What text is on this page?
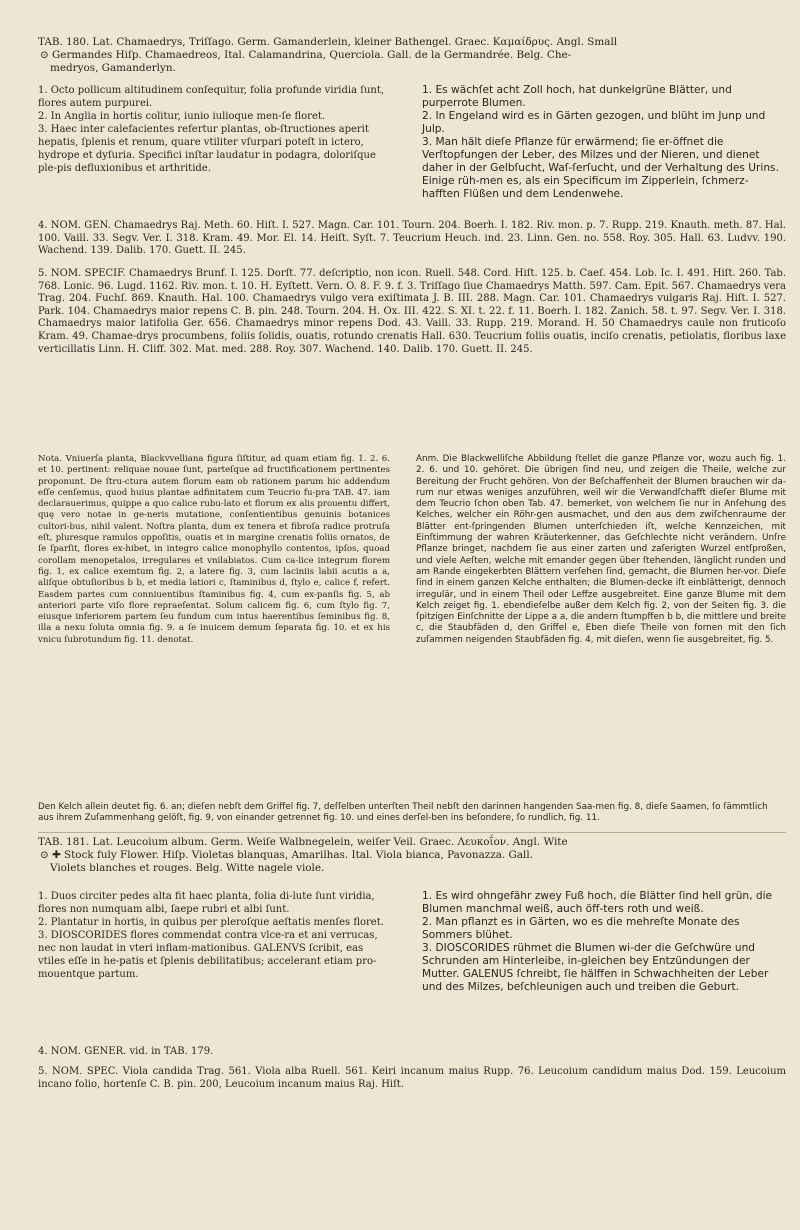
TAB. 180. Lat. Chamaedrys, Triſſago. Germ. Gamanderlein, kleiner Bathengel. Graec. Καμαίδρυς. Angl. Small

⊙ Germandes Hiſp. Chamaedreos, Ital. Calamandrina, Querciola. Gall. de la Germandrée. Belg. Che-

medryos, Gamanderlyn.

1. Octo pollicum altitudinem conſequitur, folia profunde viridia ſunt, flores autem purpurei.

2. In Anglia in hortis colitur, iunio iulioque men-ſe floret.

3. Haec inter calefacientes refertur plantas, ob-ſtructiones aperit hepatis, ſplenis et renum, quare vtiliter vſurpari poteſt in ictero, hydrope et dyſuria. Specifici inſtar laudatur in podagra, doloriſque ple-pis defluxionibus et arthritide.

1. Es wächſet acht Zoll hoch, hat dunkelgrüne Blätter, und purperrote Blumen.

2. In Engeland wird es in Gärten gezogen, und blüht im Junp und Julp.

3. Man hält dieſe Pflanze für erwärmend; ſie er-öffnet die Verſtopfungen der Leber, des Milzes und der Nieren, und dienet daher in der Gelbſucht, Waſ-ſerſucht, und der Verhaltung des Urins. Einige rüh-men es, als ein Specificum im Zipperlein, ſchmerz-hafften Flüßen und dem Lendenwehe.

4. NOM. GEN. Chamaedrys Raj. Meth. 60. Hiſt. I. 527. Magn. Car. 101. Tourn. 204. Boerh. I. 182. Riv. mon. p. 7. Rupp. 219. Knauth. meth. 87. Hal. 100. Vaill. 33. Segv. Ver. I. 318. Kram. 49. Mor. El. 14. Heiſt. Syſt. 7. Teucrium Heuch. ind. 23. Linn. Gen. no. 558. Roy. 305. Hall. 63. Ludvv. 190. Wachend. 139. Dalib. 170. Guett. II. 245.

5. NOM. SPECIF. Chamaedrys Brunf. I. 125. Dorſt. 77. deſcriptio, non icon. Ruell. 548. Cord. Hiſt. 125. b. Caeſ. 454. Lob. Ic. I. 491. Hiſt. 260. Tab. 768. Lonic. 96. Lugd. 1162. Riv. mon. t. 10. H. Eyſtett. Vern. O. 8. F. 9. f. 3. Triſſago ſiue Chamaedrys Matth. 597. Cam. Epit. 567. Chamaedrys vera Trag. 204. Fuchſ. 869. Knauth. Hal. 100. Chamaedrys vulgo vera exiſtimata J. B. III. 288. Magn. Car. 101. Chamaedrys vulgaris Raj. Hiſt. I. 527. Park. 104. Chamaedrys maior repens C. B. pin. 248. Tourn. 204. H. Ox. III. 422. S. XI. t. 22. f. 11. Boerh. I. 182. Zanich. 58. t. 97. Segv. Ver. I. 318. Chamaedrys maior latifolia Ger. 656. Chamaedrys minor repens Dod. 43. Vaill. 33. Rupp. 219. Morand. H. 50 Chamaedrys caule non fruticoſo Kram. 49. Chamae-drys procumbens, foliis ſolidis, ouatis, rotundo crenatis Hall. 630. Teucrium foliis ouatis, inciſo crenatis, petiolatis, floribus laxe verticillatis Linn. H. Cliff. 302. Mat. med. 288. Roy. 307. Wachend. 140. Dalib. 170. Guett. II. 245.

Nota. Vniuerſa planta, Blackvvelliana figura ſiſtitur, ad quam etiam fig. 1. 2. 6. et 10. pertinent: reliquae nouae ſunt, parteſque ad fructificationem pertinentes proponunt. De ſtru-ctura autem florum eam ob rationem parum hic addendum eſſe cenſemus, quod huius plantae adfinitatem cum Teucrio fu-pra TAB. 47. iam declarauerimus, quippe a quo calice rubu-lato et florum ex alis prouentu differt, quę vero notae in ge-neris mutatione, conſentientibus genuinis botanices cultori-bus, nihil valent. Noſtra planta, dum ex tenera et fibroſa radice protruſa eſt, pluresque ramulos oppoſitis, ouatis et in margine crenatis foliis ornatos, de ſe ſparſit, flores ex-hibet, in integro calice monophyllo contentos, ipſos, quoad corollam menopetalos, irregulares et vnilabiatos. Cum ca-lice integrum florem fig. 1, ex calice exemtum fig. 2, a latere fig. 3, cum laciniis labii acutis a a, aliſque obtuſioribus b b, et media latiori c, ſtaminibus d, ſtylo e, calice f, refert. Easdem partes cum conniuentibus ſtaminibus fig. 4, cum ex-panſis fig. 5, ab anteriori parte viſo flore repraeſentat. Solum calicem fig. 6, cum ſtylo fig. 7, eiusque inferiorem partem ſeu fundum cum intus haerentibus ſeminibus fig. 8, illa a nexu ſoluta omnia fig. 9. a ſe inuicem demum ſeparata fig. 10. et ex his vnicu ſubrotundum fig. 11. denotat.

Anm. Die Blackwelliſche Abbildung ſtellet die ganze Pflanze vor, wozu auch fig. 1. 2. 6. und 10. gehöret. Die übrigen ſind neu, und zeigen die Theile, welche zur Bereitung der Frucht gehören. Von der Beſchaffenheit der Blumen brauchen wir da-rum nur etwas weniges anzuführen, weil wir die Verwandſchafft dieſer Blume mit dem Teucrio ſchon oben Tab. 47. bemerket, von welchem ſie nur in Anſehung des Kelches, welcher ein Röhr-gen ausmachet, und den aus dem zwiſchenraume der Blätter ent-ſpringenden Blumen unterſchieden iſt, welche Kennzeichen, mit Einſtimmung der wahren Kräuterkenner, das Geſchlechte nicht verändern. Unſre Pflanze bringet, nachdem ſie aus einer zarten und zaſerigten Wurzel entſproßen, und viele Aeſten, welche mit emander gegen über ſtehenden, länglicht runden und am Rande eingekerbten Blättern verſehen ſind, gemacht, die Blumen her-vor. Dieſe ſind in einem ganzen Kelche enthalten; die Blumen-decke iſt einblätterigt, dennoch irregulär, und in einem Theil oder Leffze ausgebreitet. Eine ganze Blume mit dem Kelch zeiget fig. 1. ebendieſelbe außer dem Kelch fig. 2, von der Seiten fig. 3. die ſpitzigen Einſchnitte der Lippe a a, die andern ſtumpffen b b, die mittlere und breite c, die Staubfäden d, den Griffel e, Eben dieſe Theile von fornen mit den ſich zuſammen neigenden Staubfäden fig. 4, mit dieſen, wenn ſie ausgebreitet, fig. 5.

Den Kelch allein deutet fig. 6. an; dieſen nebſt dem Griffel fig. 7, deſſelben unterſten Theil nebſt den darinnen hangenden Saa-men fig. 8, dieſe Saamen, ſo ſämmtlich aus ihrem Zuſammenhang gelöſt, fig. 9, von einander getrennet fig. 10. und eines derſel-ben ins beſondere, ſo rundlich, fig. 11.

TAB. 181. Lat. Leucoium album. Germ. Weiſe Walbnegelein, weiſer Veil. Graec. Λευκοΐον. Angl. Wite

⊙ ✚ Stock fuly Flower. Hiſp. Violetas blanquas, Amarilhas. Ital. Viola bianca, Pavonazza. Gall.

Violets blanches et rouges. Belg. Witte nagele viole.

1. Duos circiter pedes alta fit haec planta, folia di-lute ſunt viridia, flores non numquam albi, ſaepe rubri et albi ſunt.

2. Plantatur in hortis, in quibus per pleroſque aeſtatis menſes floret.

3. DIOSCORIDES flores commendat contra vlce-ra et ani verrucas, nec non laudat in vteri inflam-mationibus. GALENVS ſcribit, eas vtiles eſſe in he-patis et ſplenis debilitatibus; accelerant etiam pro-mouentque partum.

1. Es wird ohngefähr zwey Fuß hoch, die Blätter ſind hell grün, die Blumen manchmal weiß, auch öff-ters roth und weiß.

2. Man pflanzt es in Gärten, wo es die mehreſte Monate des Sommers blühet.

3. DIOSCORIDES rühmet die Blumen wi-der die Geſchwüre und Schrunden am Hinterleibe, in-gleichen bey Entzündungen der Mutter. GALENUS ſchreibt, ſie hälffen in Schwachheiten der Leber und des Milzes, beſchleunigen auch und treiben die Geburt.

4. NOM. GENER. vid. in TAB. 179.

5. NOM. SPEC. Viola candida Trag. 561. Viola alba Ruell. 561. Keiri incanum maius Rupp. 76. Leucoium candidum maius Dod. 159. Leucoium incano folio, hortenſe C. B. pin. 200, Leucoium incanum maius Raj. Hiſt.
